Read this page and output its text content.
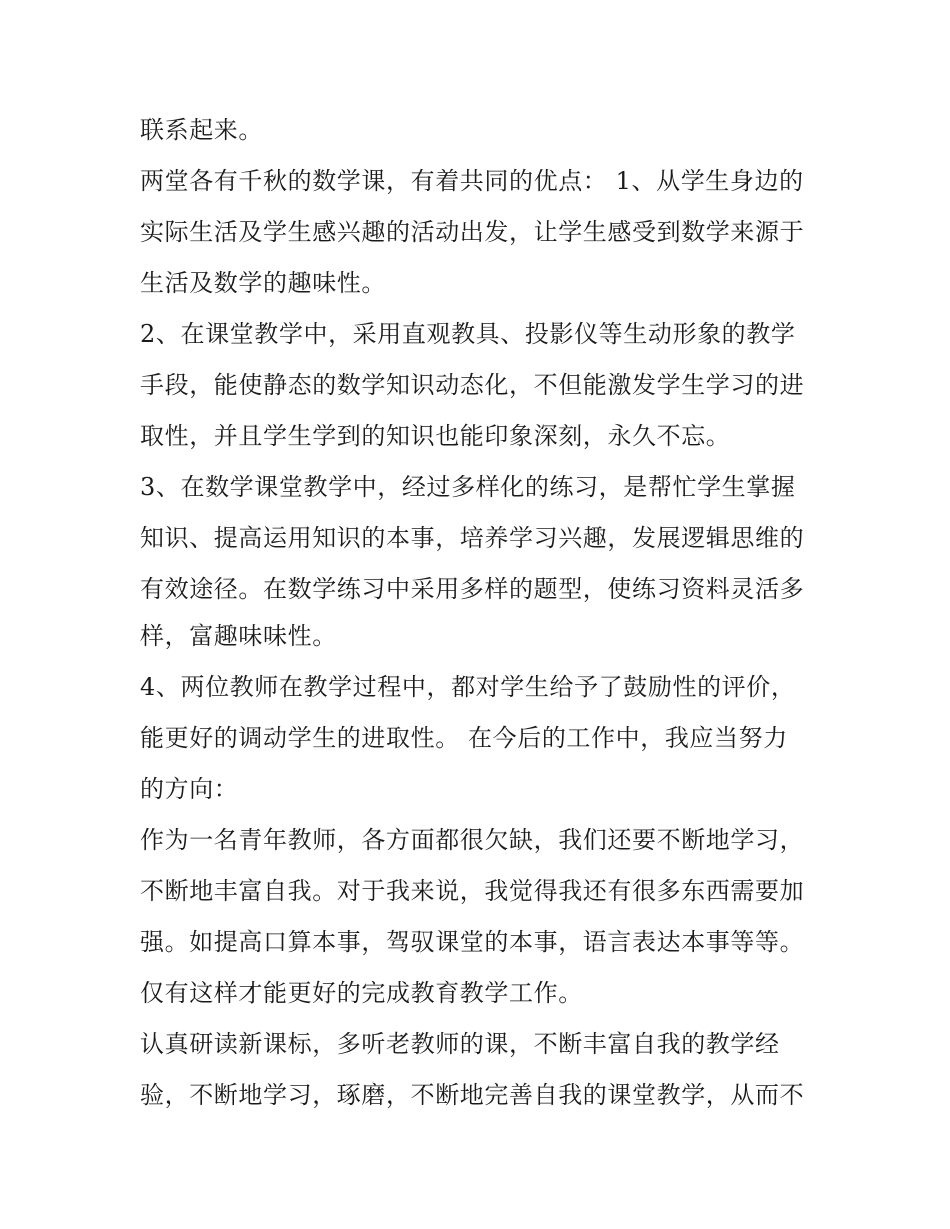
联系起来。

两堂各有千秋的数学课，有着共同的优点： 1、从学生身边的

实际生活及学生感兴趣的活动出发，让学生感受到数学来源于

生活及数学的趣味性。

2、在课堂教学中，采用直观教具、投影仪等生动形象的教学

手段，能使静态的数学知识动态化，不但能激发学生学习的进

取性，并且学生学到的知识也能印象深刻，永久不忘。

3、在数学课堂教学中，经过多样化的练习，是帮忙学生掌握

知识、提高运用知识的本事，培养学习兴趣，发展逻辑思维的

有效途径。在数学练习中采用多样的题型，使练习资料灵活多

样，富趣味味性。

4、两位教师在教学过程中，都对学生给予了鼓励性的评价，

能更好的调动学生的进取性。 在今后的工作中，我应当努力

的方向：

作为一名青年教师，各方面都很欠缺，我们还要不断地学习，

不断地丰富自我。对于我来说，我觉得我还有很多东西需要加

强。如提高口算本事，驾驭课堂的本事，语言表达本事等等。

仅有这样才能更好的完成教育教学工作。

认真研读新课标，多听老教师的课，不断丰富自我的教学经

验，不断地学习，琢磨，不断地完善自我的课堂教学，从而不
